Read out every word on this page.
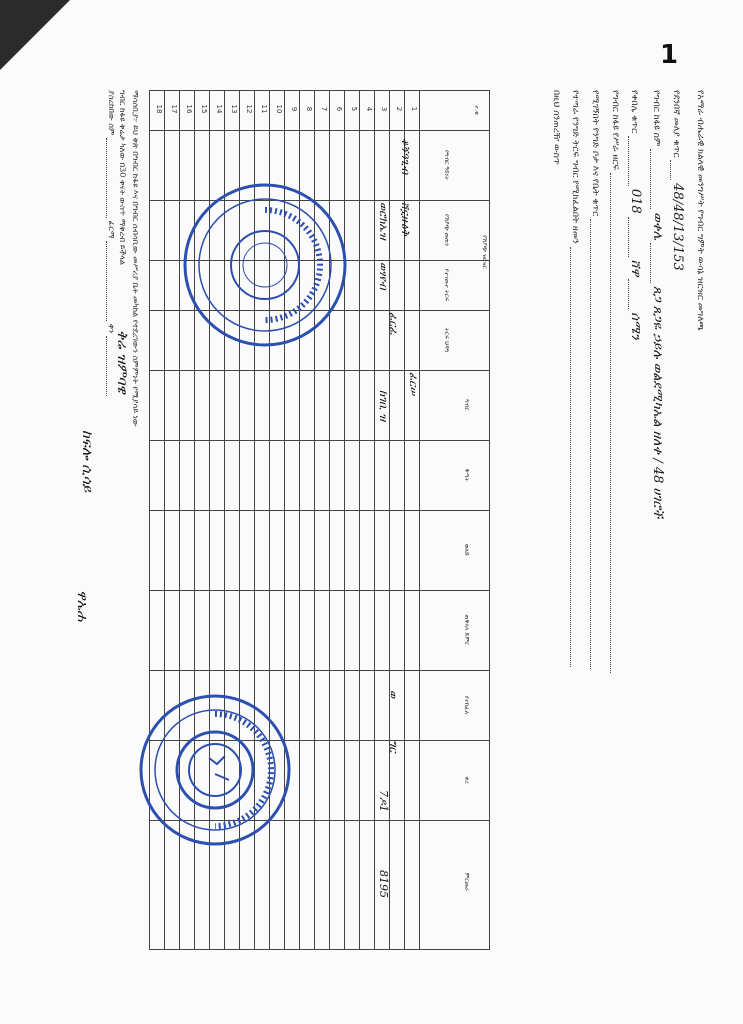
1
የአማራ ብሔራዊ ክልላዊ መንግሥት የግብር ግምት ውሳኔ ዝርዝር መግለጫ
የደንበኛ መለያ ቁጥር  48/48/13/153
የግብር ከፋዩ ስም  ወቀሌ  ጸጋ ጸጋዬ ኃይሉ ወልደሚካኤል ዘለቀ / 48 ሀገሮች
የቀበሌ ቁጥር  018  ሸዋ  ሰሜን
የግብር ከፋዩ የሥራ ዘርፍ
የሚገኝበት የንግድ ቦታ እና የቤት ቁጥር
የተጣራ የንግድ ትርፍ ግብር የሚከፈልበት ዘመን
በዚህ ሰንጠረዥ ውስጥ
1
2
3
4
5
6
7
8
9
10
11
12
13
14
15
16
17
18	ተ.ቁ
የሽያጭ ዝርዝር
የግብር ዓይነት
የሽያጭ መጠን
የተገመተ ትርፍ
ትርፍ ህዳግ
ግብር
ቅጣት
ወለድ
ጠቅላላ ድምር
የተከፈለ
ቀሪ
ምርመራ
ቆኝዓጊብ
ሸኗዙፅቅ
ወሮክኤዝ
ወፃየብ
ፈርፈ
ፈርሠ
ከገቢ ዝ
ወ
ግር
7ዶ1
8195
ማሳሰቢያ፦ ይህ ቅጽ በግብር ከፋዩ እና በግብር ሰብሳቢው መሥሪያ ቤት መካከል የተደረገውን ስምምነት የሚያሳይ ነው
ግብር ከፋዩ ቅሬታ ካለው በ30 ቀናት ውስጥ ማቅረብ ይችላል
ያስረከበው ስም  ፊርማ  ቀን
ቅሬ ዝምባዌ
ከፍሎ ሲሳይ
ዋኤሐ
